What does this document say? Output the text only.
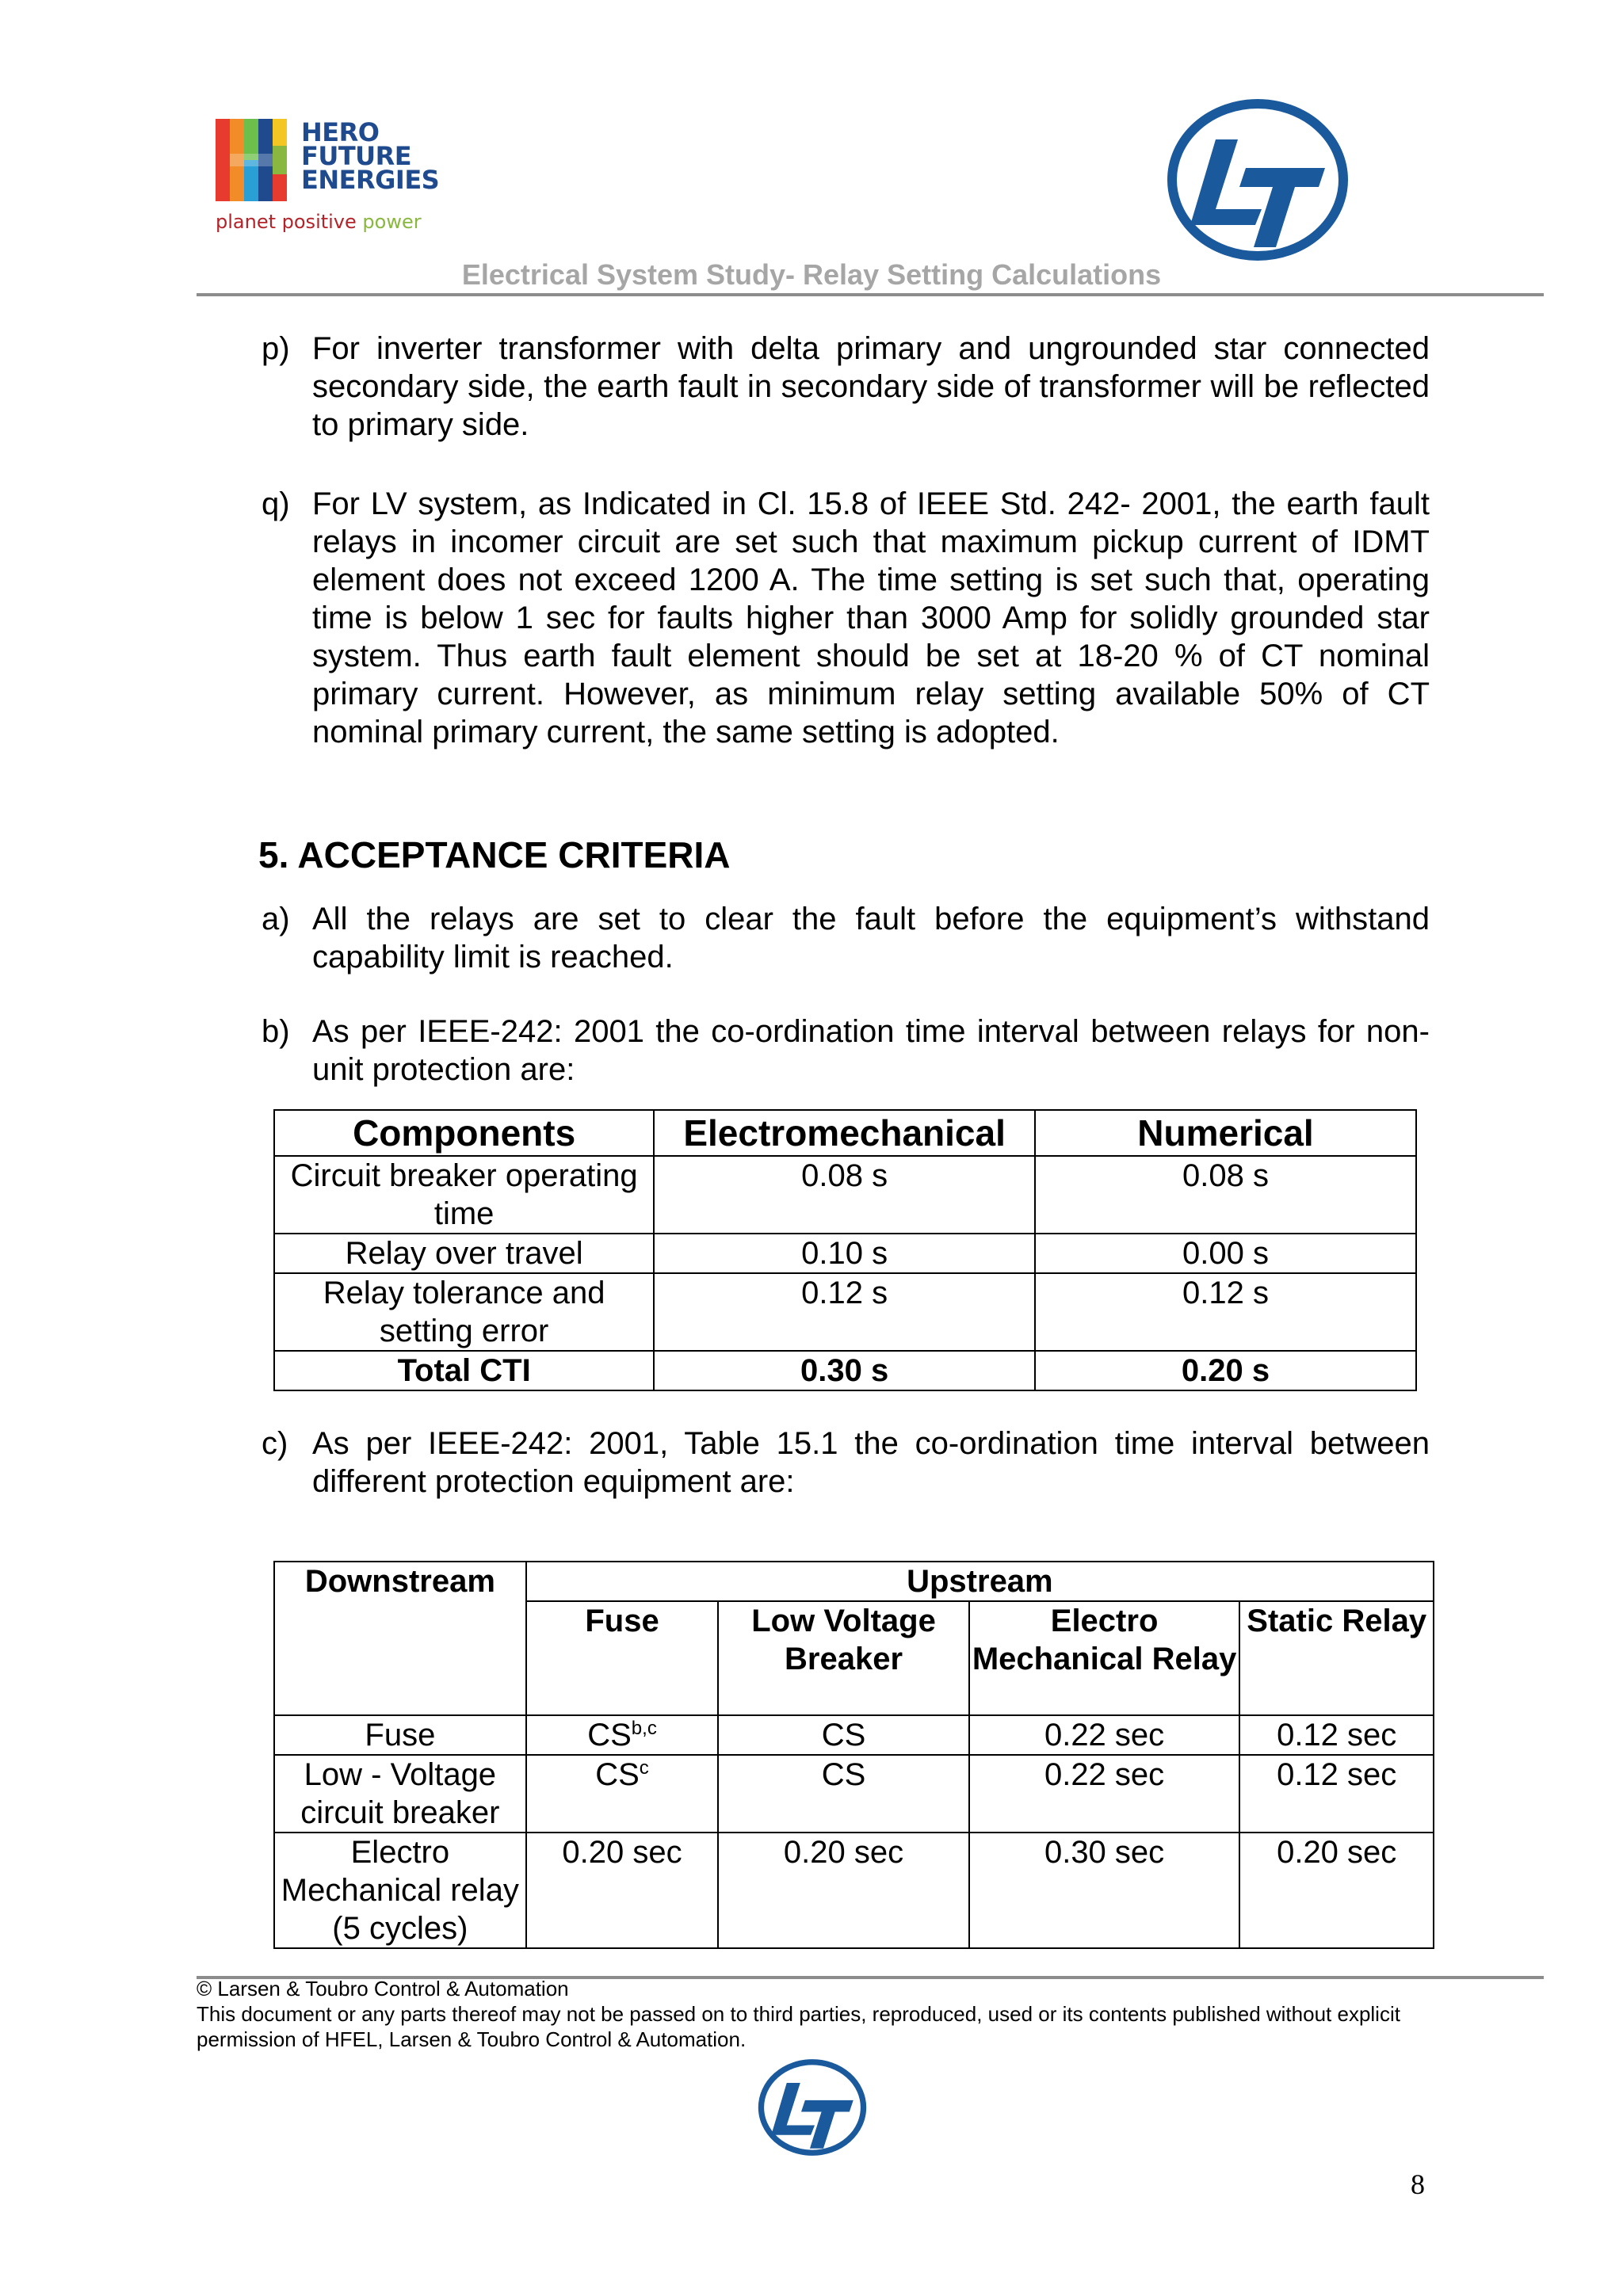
HERO
FUTURE
ENERGIES
planet positive power
Electrical System Study- Relay Setting Calculations
p) For inverter transformer with delta primary and ungrounded star connected secondary side, the earth fault in secondary side of transformer will be reflected to primary side.
q) For LV system, as Indicated in Cl. 15.8 of IEEE Std. 242- 2001, the earth fault relays in incomer circuit are set such that maximum pickup current of IDMT element does not exceed 1200 A. The time setting is set such that, operating time is below 1 sec for faults higher than 3000 Amp for solidly grounded star system. Thus earth fault element should be set at 18-20 % of CT nominal primary current. However, as minimum relay setting available 50% of CT nominal primary current, the same setting is adopted.
5. ACCEPTANCE CRITERIA
a) All the relays are set to clear the fault before the equipment’s withstand capability limit is reached.
b) As per IEEE-242: 2001 the co-ordination time interval between relays for non-unit protection are:
Components	Electromechanical	Numerical
Circuit breaker operating time	0.08 s	0.08 s
Relay over travel	0.10 s	0.00 s
Relay tolerance and setting error	0.12 s	0.12 s
Total CTI	0.30 s	0.20 s
c) As per IEEE-242: 2001, Table 15.1 the co-ordination time interval between different protection equipment are:
Downstream	Upstream			
	Fuse	Low Voltage Breaker	Electro Mechanical Relay	Static Relay
Fuse	CS$^{b,c}$	CS	0.22 sec	0.12 sec
Low - Voltage circuit breaker	$CS^c$	CS	0.22 sec	0.12 sec
Electro Mechanical relay (5 cycles)	0.20 sec	0.20 sec	0.30 sec	0.20 sec
© Larsen & Toubro Control & Automation
This document or any parts thereof may not be passed on to third parties, reproduced, used or its contents published without explicit permission of HFEL, Larsen & Toubro Control & Automation.
8
